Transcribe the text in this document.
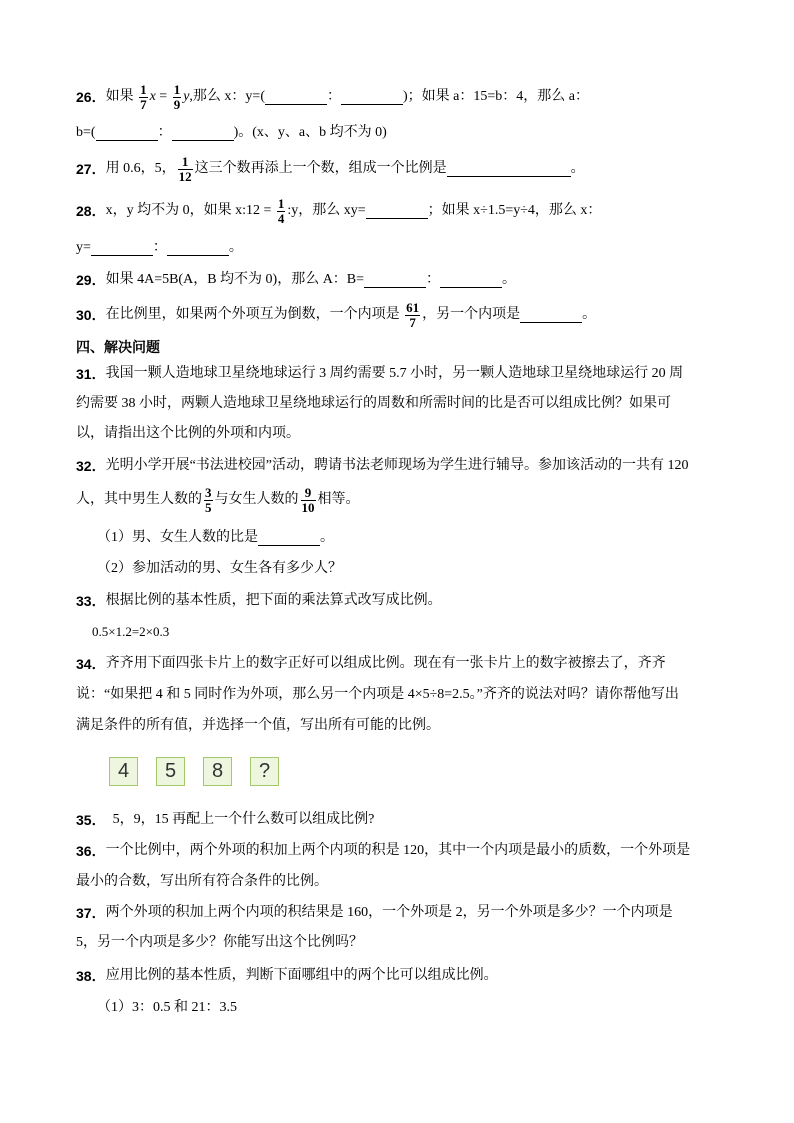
26． 如果 $\frac{1}{7}$ $x = \frac{1}{9}$ y ,那么 x：y=(	：	)；如果 a：15=b：4，那么 a：
b=(	：	)。(x、y、a、b 均不为 0)
27． 用 0.6，5， $\frac{1}{12}$ 这三个数再添上一个数，组成一个比例是	。
28． x，y 均不为 0，如果 x:12 = $\frac{1}{4}$ :y，那么 xy=	；如果 x÷1.5=y÷4，那么 x：
y=	：	。
29． 如果 4A=5B(A，B 均不为 0)，那么 A：B=	：	。
30． 在比例里，如果两个外项互为倒数，一个内项是 $\frac{61}{7}$ ，另一个内项是	。
四、解决问题
31． 我国一颗人造地球卫星绕地球运行 3 周约需要 5.7 小时，另一颗人造地球卫星绕地球运行 20 周
约需要 38 小时，两颗人造地球卫星绕地球运行的周数和所需时间的比是否可以组成比例？如果可
以，请指出这个比例的外项和内项。
32． 光明小学开展“书法进校园”活动，聘请书法老师现场为学生进行辅导。参加该活动的一共有 120
人，其中男生人数的 $\frac{3}{5}$ 与女生人数的 $\frac{9}{10}$ 相等。
（1）男、女生人数的比是	。
（2）参加活动的男、女生各有多少人？
33． 根据比例的基本性质，把下面的乘法算式改写成比例。
0.5×1.2=2×0.3
34． 齐齐用下面四张卡片上的数字正好可以组成比例。现在有一张卡片上的数字被擦去了，齐齐
说：“如果把 4 和 5 同时作为外项，那么另一个内项是 4×5÷8=2.5。”齐齐的说法对吗？请你帮他写出
满足条件的所有值，并选择一个值，写出所有可能的比例。
4	5	8	?
35． 5，9，15 再配上一个什么数可以组成比例?
36． 一个比例中，两个外项的积加上两个内项的积是 120，其中一个内项是最小的质数，一个外项是
最小的合数，写出所有符合条件的比例。
37． 两个外项的积加上两个内项的积结果是 160，一个外项是 2，另一个外项是多少？一个内项是
5，另一个内项是多少？你能写出这个比例吗？
38． 应用比例的基本性质，判断下面哪组中的两个比可以组成比例。
（1）3：0.5 和 21：3.5
